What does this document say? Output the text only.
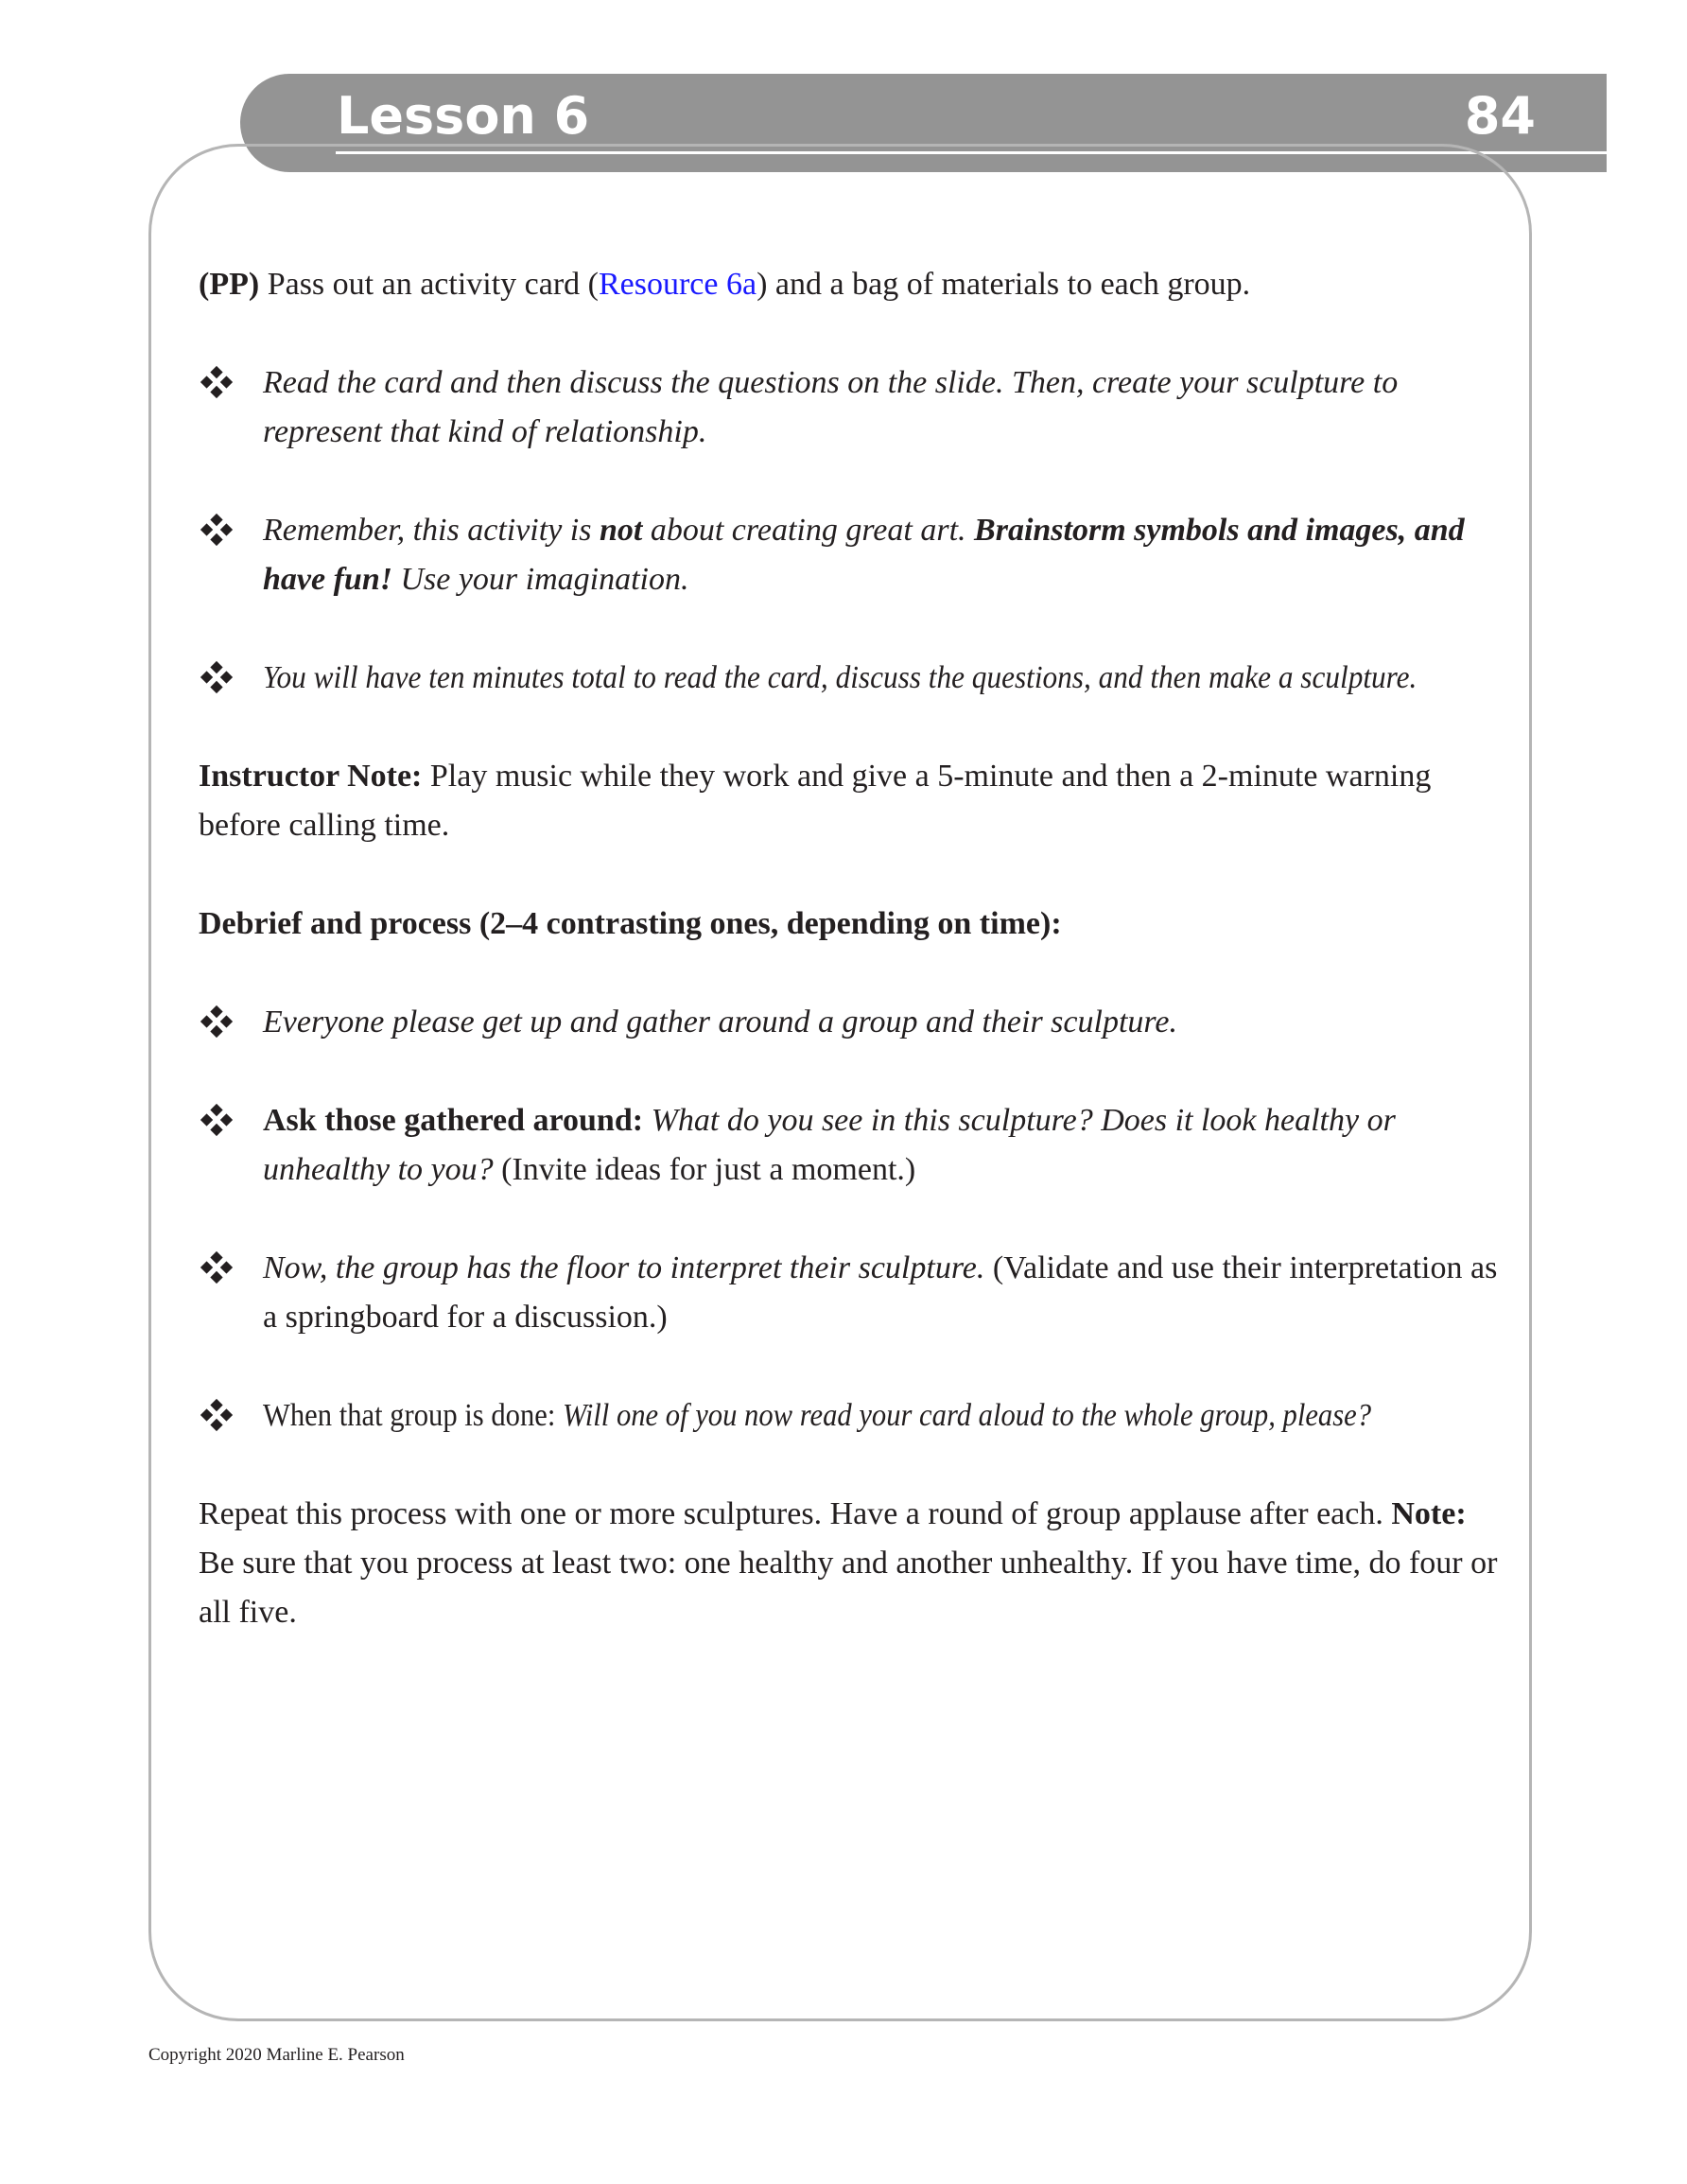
Lesson 6	84

(PP) Pass out an activity card (Resource 6a) and a bag of materials to each group.

Read the card and then discuss the questions on the slide. Then, create your sculpture to represent that kind of relationship.
Remember, this activity is not about creating great art. Brainstorm symbols and images, and have fun! Use your imagination.
You will have ten minutes total to read the card, discuss the questions, and then make a sculpture.

Instructor Note: Play music while they work and give a 5-minute and then a 2-minute warning before calling time.

Debrief and process (2–4 contrasting ones, depending on time):

Everyone please get up and gather around a group and their sculpture.
Ask those gathered around: What do you see in this sculpture? Does it look healthy or unhealthy to you? (Invite ideas for just a moment.)
Now, the group has the floor to interpret their sculpture. (Validate and use their interpretation as a springboard for a discussion.)
When that group is done: Will one of you now read your card aloud to the whole group, please?

Repeat this process with one or more sculptures. Have a round of group applause after each. Note: Be sure that you process at least two: one healthy and another unhealthy. If you have time, do four or all five.

Copyright 2020 Marline E. Pearson
